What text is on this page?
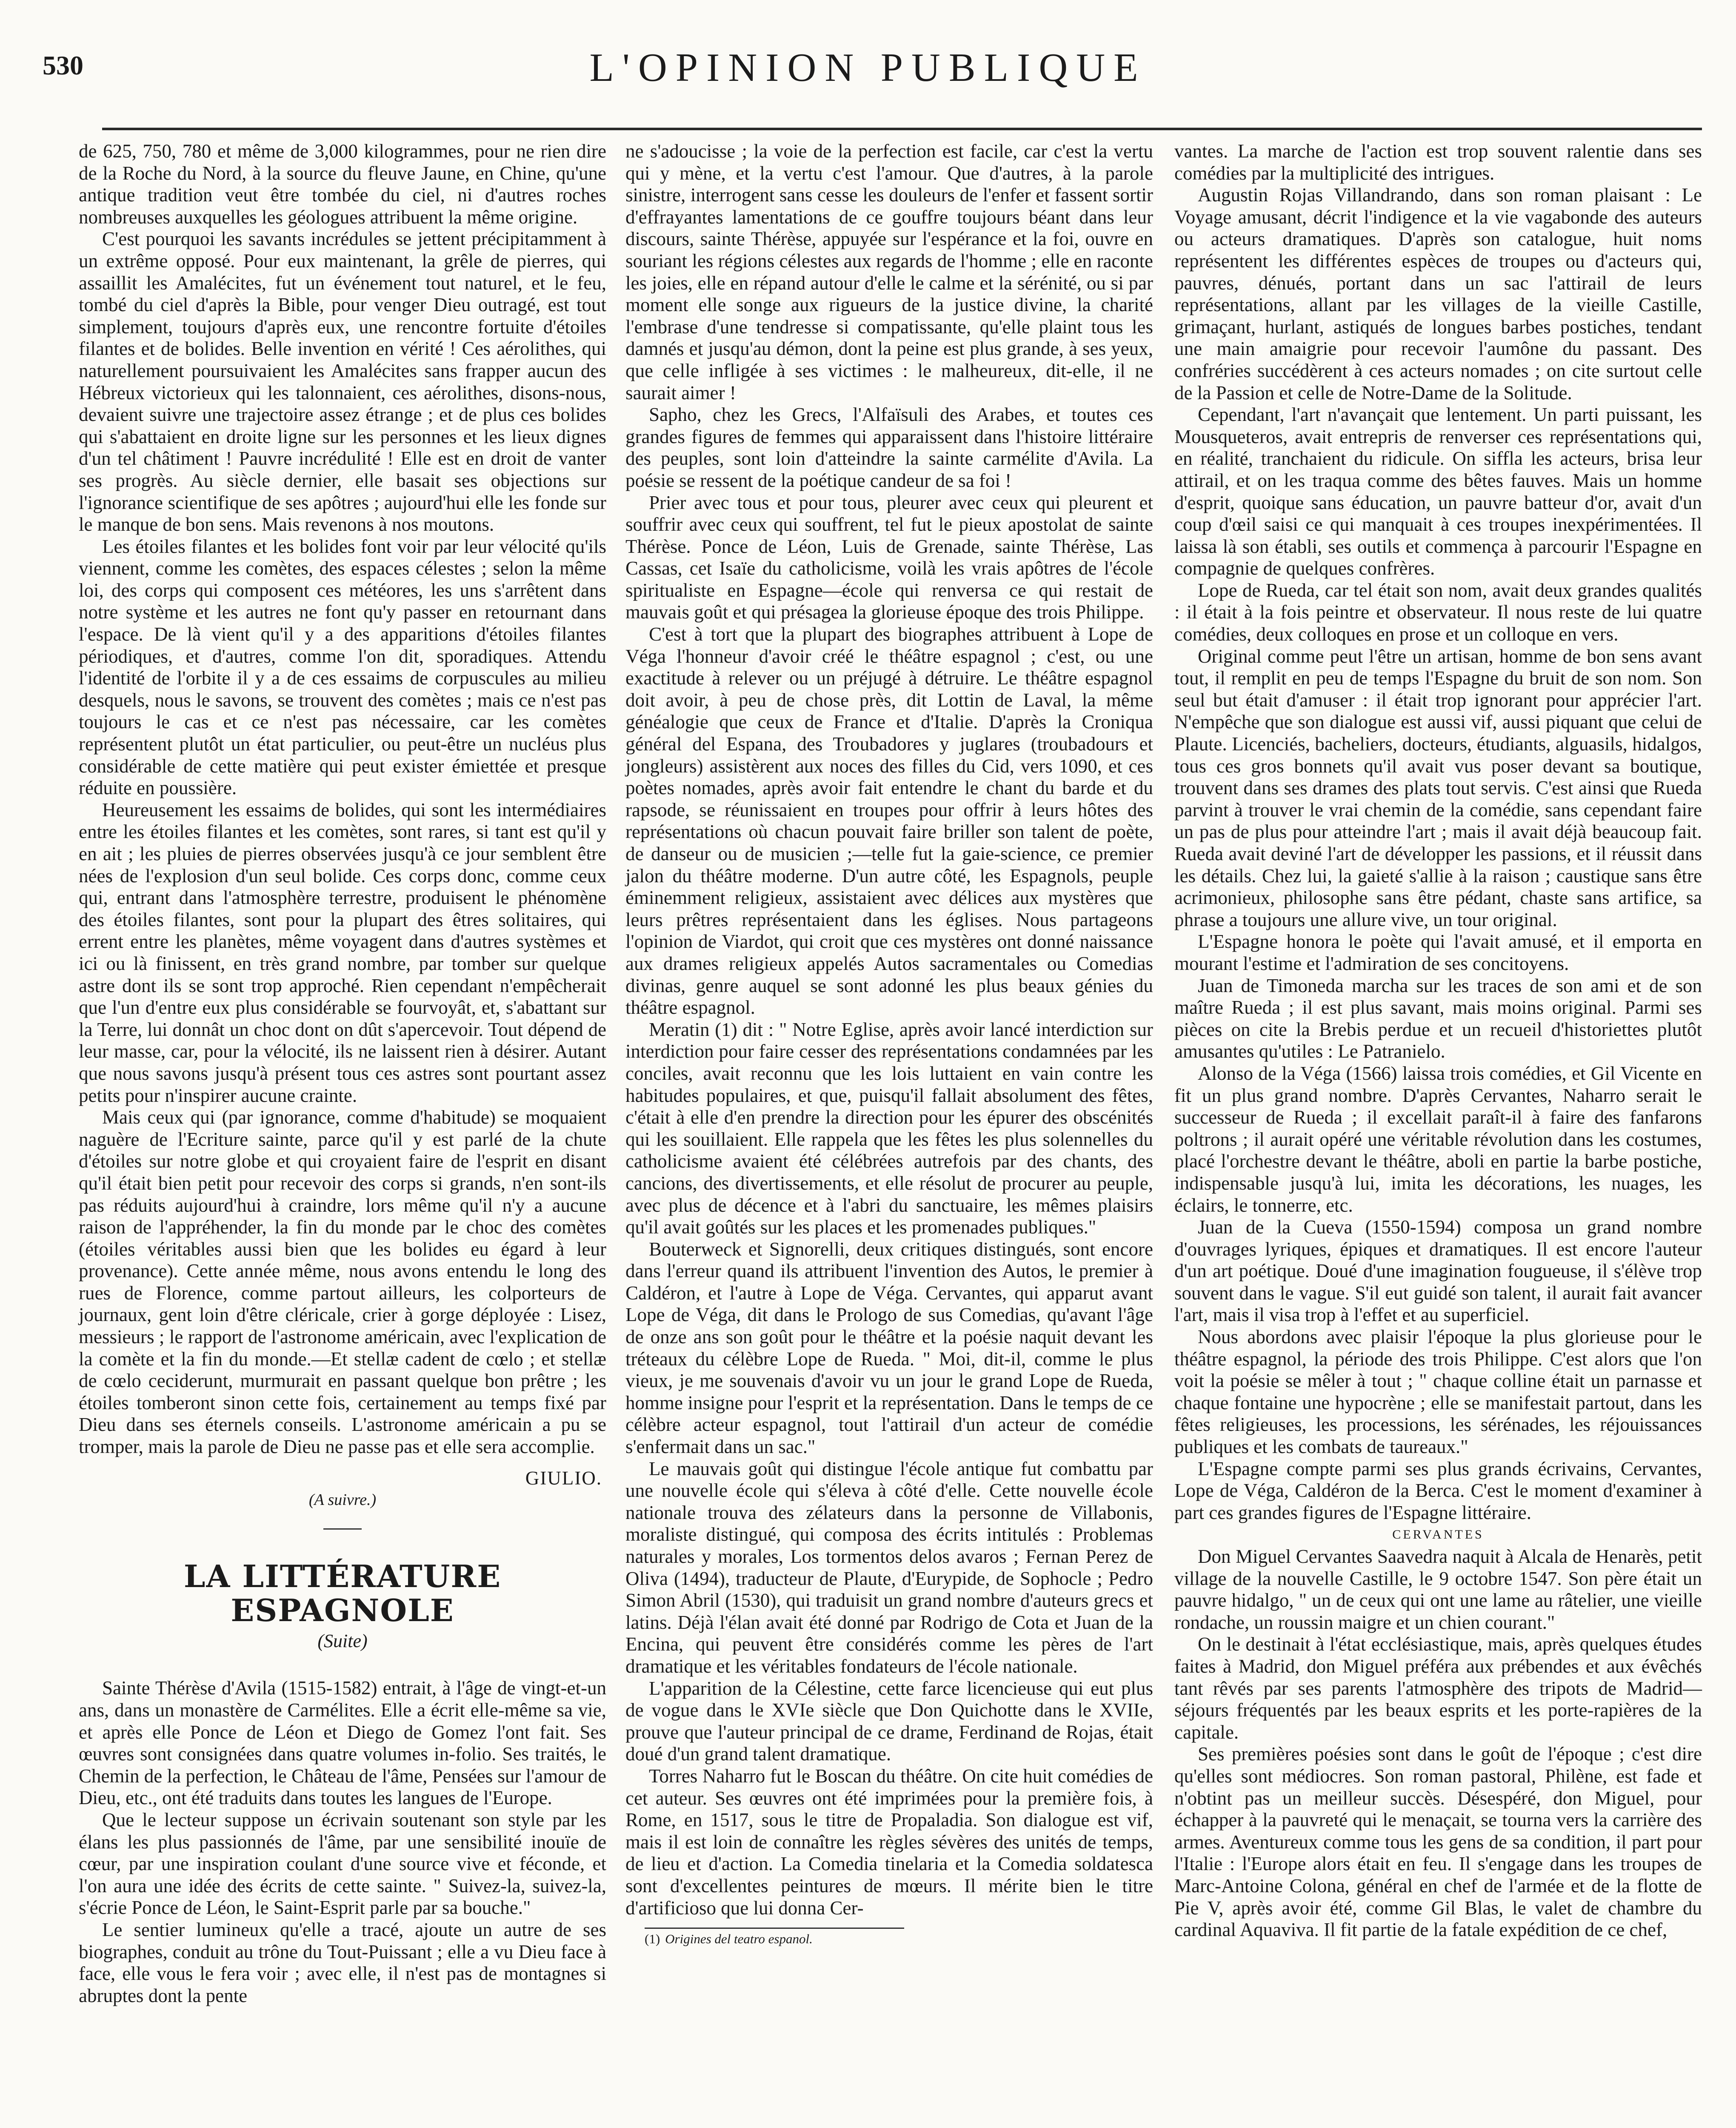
530	L'OPINION PUBLIQUE

de 625, 750, 780 et même de 3,000 kilogrammes, pour ne rien dire de la Roche du Nord, à la source du fleuve Jaune, en Chine, qu'une antique tradition veut être tombée du ciel, ni d'autres roches nombreuses auxquelles les géologues attribuent la même origine.

C'est pourquoi les savants incrédules se jettent précipitamment à un extrême opposé. Pour eux maintenant, la grêle de pierres, qui assaillit les Amalécites, fut un événement tout naturel, et le feu, tombé du ciel d'après la Bible, pour venger Dieu outragé, est tout simplement, toujours d'après eux, une rencontre fortuite d'étoiles filantes et de bolides. Belle invention en vérité ! Ces aérolithes, qui naturellement poursuivaient les Amalécites sans frapper aucun des Hébreux victorieux qui les talonnaient, ces aérolithes, disons-nous, devaient suivre une trajectoire assez étrange ; et de plus ces bolides qui s'abattaient en droite ligne sur les personnes et les lieux dignes d'un tel châtiment ! Pauvre incrédulité ! Elle est en droit de vanter ses progrès. Au siècle dernier, elle basait ses objections sur l'ignorance scientifique de ses apôtres ; aujourd'hui elle les fonde sur le manque de bon sens. Mais revenons à nos moutons.

Les étoiles filantes et les bolides font voir par leur vélocité qu'ils viennent, comme les comètes, des espaces célestes ; selon la même loi, des corps qui composent ces météores, les uns s'arrêtent dans notre système et les autres ne font qu'y passer en retournant dans l'espace. De là vient qu'il y a des apparitions d'étoiles filantes périodiques, et d'autres, comme l'on dit, sporadiques. Attendu l'identité de l'orbite il y a de ces essaims de corpuscules au milieu desquels, nous le savons, se trouvent des comètes ; mais ce n'est pas toujours le cas et ce n'est pas nécessaire, car les comètes représentent plutôt un état particulier, ou peut-être un nucléus plus considérable de cette matière qui peut exister émiettée et presque réduite en poussière.

Heureusement les essaims de bolides, qui sont les intermédiaires entre les étoiles filantes et les comètes, sont rares, si tant est qu'il y en ait ; les pluies de pierres observées jusqu'à ce jour semblent être nées de l'explosion d'un seul bolide. Ces corps donc, comme ceux qui, entrant dans l'atmosphère terrestre, produisent le phénomène des étoiles filantes, sont pour la plupart des êtres solitaires, qui errent entre les planètes, même voyagent dans d'autres systèmes et ici ou là finissent, en très grand nombre, par tomber sur quelque astre dont ils se sont trop approché. Rien cependant n'empêcherait que l'un d'entre eux plus considérable se fourvoyât, et, s'abattant sur la Terre, lui donnât un choc dont on dût s'apercevoir. Tout dépend de leur masse, car, pour la vélocité, ils ne laissent rien à désirer. Autant que nous savons jusqu'à présent tous ces astres sont pourtant assez petits pour n'inspirer aucune crainte.

Mais ceux qui (par ignorance, comme d'habitude) se moquaient naguère de l'Ecriture sainte, parce qu'il y est parlé de la chute d'étoiles sur notre globe et qui croyaient faire de l'esprit en disant qu'il était bien petit pour recevoir des corps si grands, n'en sont-ils pas réduits aujourd'hui à craindre, lors même qu'il n'y a aucune raison de l'appréhender, la fin du monde par le choc des comètes (étoiles véritables aussi bien que les bolides eu égard à leur provenance). Cette année même, nous avons entendu le long des rues de Florence, comme partout ailleurs, les colporteurs de journaux, gent loin d'être cléricale, crier à gorge déployée : Lisez, messieurs ; le rapport de l'astronome américain, avec l'explication de la comète et la fin du monde.—Et stellæ cadent de cœlo ; et stellæ de cœlo ceciderunt, murmurait en passant quelque bon prêtre ; les étoiles tomberont sinon cette fois, certainement au temps fixé par Dieu dans ses éternels conseils. L'astronome américain a pu se tromper, mais la parole de Dieu ne passe pas et elle sera accomplie.

GIULIO.

(A suivre.)

LA LITTÉRATURE ESPAGNOLE
(Suite)

Sainte Thérèse d'Avila (1515-1582) entrait, à l'âge de vingt-et-un ans, dans un monastère de Carmélites. Elle a écrit elle-même sa vie, et après elle Ponce de Léon et Diego de Gomez l'ont fait. Ses œuvres sont consignées dans quatre volumes in-folio. Ses traités, le Chemin de la perfection, le Château de l'âme, Pensées sur l'amour de Dieu, etc., ont été traduits dans toutes les langues de l'Europe.

Que le lecteur suppose un écrivain soutenant son style par les élans les plus passionnés de l'âme, par une sensibilité inouïe de cœur, par une inspiration coulant d'une source vive et féconde, et l'on aura une idée des écrits de cette sainte. " Suivez-la, suivez-la, s'écrie Ponce de Léon, le Saint-Esprit parle par sa bouche."

Le sentier lumineux qu'elle a tracé, ajoute un autre de ses biographes, conduit au trône du Tout-Puissant ; elle a vu Dieu face à face, elle vous le fera voir ; avec elle, il n'est pas de montagnes si abruptes dont la pente

ne s'adoucisse ; la voie de la perfection est facile, car c'est la vertu qui y mène, et la vertu c'est l'amour. Que d'autres, à la parole sinistre, interrogent sans cesse les douleurs de l'enfer et fassent sortir d'effrayantes lamentations de ce gouffre toujours béant dans leur discours, sainte Thérèse, appuyée sur l'espérance et la foi, ouvre en souriant les régions célestes aux regards de l'homme ; elle en raconte les joies, elle en répand autour d'elle le calme et la sérénité, ou si par moment elle songe aux rigueurs de la justice divine, la charité l'embrase d'une tendresse si compatissante, qu'elle plaint tous les damnés et jusqu'au démon, dont la peine est plus grande, à ses yeux, que celle infligée à ses victimes : le malheureux, dit-elle, il ne saurait aimer !

Sapho, chez les Grecs, l'Alfaïsuli des Arabes, et toutes ces grandes figures de femmes qui apparaissent dans l'histoire littéraire des peuples, sont loin d'atteindre la sainte carmélite d'Avila. La poésie se ressent de la poétique candeur de sa foi !

Prier avec tous et pour tous, pleurer avec ceux qui pleurent et souffrir avec ceux qui souffrent, tel fut le pieux apostolat de sainte Thérèse. Ponce de Léon, Luis de Grenade, sainte Thérèse, Las Cassas, cet Isaïe du catholicisme, voilà les vrais apôtres de l'école spiritualiste en Espagne—école qui renversa ce qui restait de mauvais goût et qui présagea la glorieuse époque des trois Philippe.

C'est à tort que la plupart des biographes attribuent à Lope de Véga l'honneur d'avoir créé le théâtre espagnol ; c'est, ou une exactitude à relever ou un préjugé à détruire. Le théâtre espagnol doit avoir, à peu de chose près, dit Lottin de Laval, la même généalogie que ceux de France et d'Italie. D'après la Croniqua général del Espana, des Troubadores y juglares (troubadours et jongleurs) assistèrent aux noces des filles du Cid, vers 1090, et ces poètes nomades, après avoir fait entendre le chant du barde et du rapsode, se réunissaient en troupes pour offrir à leurs hôtes des représentations où chacun pouvait faire briller son talent de poète, de danseur ou de musicien ;—telle fut la gaie-science, ce premier jalon du théâtre moderne. D'un autre côté, les Espagnols, peuple éminemment religieux, assistaient avec délices aux mystères que leurs prêtres représentaient dans les églises. Nous partageons l'opinion de Viardot, qui croit que ces mystères ont donné naissance aux drames religieux appelés Autos sacramentales ou Comedias divinas, genre auquel se sont adonné les plus beaux génies du théâtre espagnol.

Meratin (1) dit : " Notre Eglise, après avoir lancé interdiction sur interdiction pour faire cesser des représentations condamnées par les conciles, avait reconnu que les lois luttaient en vain contre les habitudes populaires, et que, puisqu'il fallait absolument des fêtes, c'était à elle d'en prendre la direction pour les épurer des obscénités qui les souillaient. Elle rappela que les fêtes les plus solennelles du catholicisme avaient été célébrées autrefois par des chants, des cancions, des divertissements, et elle résolut de procurer au peuple, avec plus de décence et à l'abri du sanctuaire, les mêmes plaisirs qu'il avait goûtés sur les places et les promenades publiques."

Bouterweck et Signorelli, deux critiques distingués, sont encore dans l'erreur quand ils attribuent l'invention des Autos, le premier à Caldéron, et l'autre à Lope de Véga. Cervantes, qui apparut avant Lope de Véga, dit dans le Prologo de sus Comedias, qu'avant l'âge de onze ans son goût pour le théâtre et la poésie naquit devant les tréteaux du célèbre Lope de Rueda. " Moi, dit-il, comme le plus vieux, je me souvenais d'avoir vu un jour le grand Lope de Rueda, homme insigne pour l'esprit et la représentation. Dans le temps de ce célèbre acteur espagnol, tout l'attirail d'un acteur de comédie s'enfermait dans un sac."

Le mauvais goût qui distingue l'école antique fut combattu par une nouvelle école qui s'éleva à côté d'elle. Cette nouvelle école nationale trouva des zélateurs dans la personne de Villabonis, moraliste distingué, qui composa des écrits intitulés : Problemas naturales y morales, Los tormentos delos avaros ; Fernan Perez de Oliva (1494), traducteur de Plaute, d'Eurypide, de Sophocle ; Pedro Simon Abril (1530), qui traduisit un grand nombre d'auteurs grecs et latins. Déjà l'élan avait été donné par Rodrigo de Cota et Juan de la Encina, qui peuvent être considérés comme les pères de l'art dramatique et les véritables fondateurs de l'école nationale.

L'apparition de la Célestine, cette farce licencieuse qui eut plus de vogue dans le XVIe siècle que Don Quichotte dans le XVIIe, prouve que l'auteur principal de ce drame, Ferdinand de Rojas, était doué d'un grand talent dramatique.

Torres Naharro fut le Boscan du théâtre. On cite huit comédies de cet auteur. Ses œuvres ont été imprimées pour la première fois, à Rome, en 1517, sous le titre de Propaladia. Son dialogue est vif, mais il est loin de connaître les règles sévères des unités de temps, de lieu et d'action. La Comedia tinelaria et la Comedia soldatesca sont d'excellentes peintures de mœurs. Il mérite bien le titre d'artificioso que lui donna Cer-

(1) Origines del teatro espanol.

vantes. La marche de l'action est trop souvent ralentie dans ses comédies par la multiplicité des intrigues.

Augustin Rojas Villandrando, dans son roman plaisant : Le Voyage amusant, décrit l'indigence et la vie vagabonde des auteurs ou acteurs dramatiques. D'après son catalogue, huit noms représentent les différentes espèces de troupes ou d'acteurs qui, pauvres, dénués, portant dans un sac l'attirail de leurs représentations, allant par les villages de la vieille Castille, grimaçant, hurlant, astiqués de longues barbes postiches, tendant une main amaigrie pour recevoir l'aumône du passant. Des confréries succédèrent à ces acteurs nomades ; on cite surtout celle de la Passion et celle de Notre-Dame de la Solitude.

Cependant, l'art n'avançait que lentement. Un parti puissant, les Mousqueteros, avait entrepris de renverser ces représentations qui, en réalité, tranchaient du ridicule. On siffla les acteurs, brisa leur attirail, et on les traqua comme des bêtes fauves. Mais un homme d'esprit, quoique sans éducation, un pauvre batteur d'or, avait d'un coup d'œil saisi ce qui manquait à ces troupes inexpérimentées. Il laissa là son établi, ses outils et commença à parcourir l'Espagne en compagnie de quelques confrères.

Lope de Rueda, car tel était son nom, avait deux grandes qualités : il était à la fois peintre et observateur. Il nous reste de lui quatre comédies, deux colloques en prose et un colloque en vers.

Original comme peut l'être un artisan, homme de bon sens avant tout, il remplit en peu de temps l'Espagne du bruit de son nom. Son seul but était d'amuser : il était trop ignorant pour apprécier l'art. N'empêche que son dialogue est aussi vif, aussi piquant que celui de Plaute. Licenciés, bacheliers, docteurs, étudiants, alguasils, hidalgos, tous ces gros bonnets qu'il avait vus poser devant sa boutique, trouvent dans ses drames des plats tout servis. C'est ainsi que Rueda parvint à trouver le vrai chemin de la comédie, sans cependant faire un pas de plus pour atteindre l'art ; mais il avait déjà beaucoup fait. Rueda avait deviné l'art de développer les passions, et il réussit dans les détails. Chez lui, la gaieté s'allie à la raison ; caustique sans être acrimonieux, philosophe sans être pédant, chaste sans artifice, sa phrase a toujours une allure vive, un tour original.

L'Espagne honora le poète qui l'avait amusé, et il emporta en mourant l'estime et l'admiration de ses concitoyens.

Juan de Timoneda marcha sur les traces de son ami et de son maître Rueda ; il est plus savant, mais moins original. Parmi ses pièces on cite la Brebis perdue et un recueil d'historiettes plutôt amusantes qu'utiles : Le Patranielo.

Alonso de la Véga (1566) laissa trois comédies, et Gil Vicente en fit un plus grand nombre. D'après Cervantes, Naharro serait le successeur de Rueda ; il excellait paraît-il à faire des fanfarons poltrons ; il aurait opéré une véritable révolution dans les costumes, placé l'orchestre devant le théâtre, aboli en partie la barbe postiche, indispensable jusqu'à lui, imita les décorations, les nuages, les éclairs, le tonnerre, etc.

Juan de la Cueva (1550-1594) composa un grand nombre d'ouvrages lyriques, épiques et dramatiques. Il est encore l'auteur d'un art poétique. Doué d'une imagination fougueuse, il s'élève trop souvent dans le vague. S'il eut guidé son talent, il aurait fait avancer l'art, mais il visa trop à l'effet et au superficiel.

Nous abordons avec plaisir l'époque la plus glorieuse pour le théâtre espagnol, la période des trois Philippe. C'est alors que l'on voit la poésie se mêler à tout ; " chaque colline était un parnasse et chaque fontaine une hypocrène ; elle se manifestait partout, dans les fêtes religieuses, les processions, les sérénades, les réjouissances publiques et les combats de taureaux."

L'Espagne compte parmi ses plus grands écrivains, Cervantes, Lope de Véga, Caldéron de la Berca. C'est le moment d'examiner à part ces grandes figures de l'Espagne littéraire.

CERVANTES

Don Miguel Cervantes Saavedra naquit à Alcala de Henarès, petit village de la nouvelle Castille, le 9 octobre 1547. Son père était un pauvre hidalgo, " un de ceux qui ont une lame au râtelier, une vieille rondache, un roussin maigre et un chien courant."

On le destinait à l'état ecclésiastique, mais, après quelques études faites à Madrid, don Miguel préféra aux prébendes et aux évêchés tant rêvés par ses parents l'atmosphère des tripots de Madrid—séjours fréquentés par les beaux esprits et les porte-rapières de la capitale.

Ses premières poésies sont dans le goût de l'époque ; c'est dire qu'elles sont médiocres. Son roman pastoral, Philène, est fade et n'obtint pas un meilleur succès. Désespéré, don Miguel, pour échapper à la pauvreté qui le menaçait, se tourna vers la carrière des armes. Aventureux comme tous les gens de sa condition, il part pour l'Italie : l'Europe alors était en feu. Il s'engage dans les troupes de Marc-Antoine Colona, général en chef de l'armée et de la flotte de Pie V, après avoir été, comme Gil Blas, le valet de chambre du cardinal Aquaviva. Il fit partie de la fatale expédition de ce chef,
